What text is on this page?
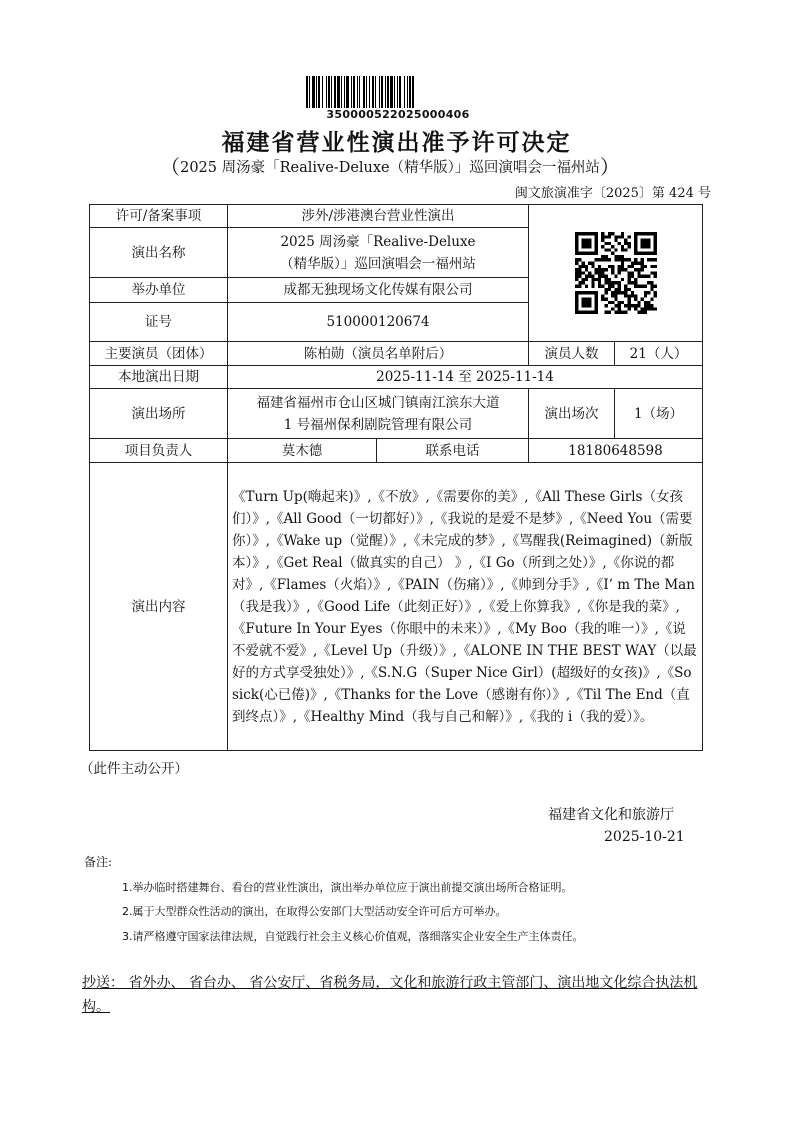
350000522025000406
福建省营业性演出准予许可决定
（2025 周汤豪「Realive-Deluxe（精华版）」巡回演唱会一福州站）
闽文旅演准字〔2025〕第 424 号
许可/备案事项	涉外/涉港澳台营业性演出	

演出名称	2025 周汤豪「Realive-Deluxe
（精华版）」巡回演唱会一福州站			

举办单位	成都无独现场文化传媒有限公司			
证号	510000120674			
主要演员（团体）	陈柏勋（演员名单附后）		演员人数	21（人）
本地演出日期	2025-11-14 至 2025-11-14			
演出场所	福建省福州市仓山区城门镇南江滨东大道
1 号福州保利剧院管理有限公司		演出场次	1（场）
项目负责人	莫木德	联系电话	18180648598	
演出内容	《Turn Up(嗨起来)》,《不放》,《需要你的美》,《All These Girls（女孩们）》,《All Good（一切都好）》,《我说的是爱不是梦》,《Need You（需要你）》,《Wake up（觉醒）》,《未完成的梦》,《骂醒我(Reimagined)（新版本）》,《Get Real（做真实的自己） 》,《I Go（所到之处）》,《你说的都对》,《Flames（火焰）》,《PAIN（伤痛）》,《帅到分手》,《I’ m The Man（我是我）》,《Good Life（此刻正好）》,《爱上你算我》,《你是我的菜》,《Future In Your Eyes（你眼中的未来）》,《My Boo（我的唯一）》,《说不爱就不爱》,《Level Up（升级）》,《ALONE IN THE BEST WAY（以最好的方式享受独处）》,《S.N.G（Super Nice Girl）(超级好的女孩)》,《So sick(心已倦)》,《Thanks for the Love（感谢有你）》,《Til The End（直到终点）》,《Healthy Mind（我与自己和解）》,《我的 i（我的爱）》。			
（此件主动公开）
福建省文化和旅游厅
2025-10-21
备注:
1.举办临时搭建舞台、看台的营业性演出，演出举办单位应于演出前提交演出场所合格证明。
2.属于大型群众性活动的演出，在取得公安部门大型活动安全许可后方可举办。
3.请严格遵守国家法律法规，自觉践行社会主义核心价值观，落细落实企业安全生产主体责任。
抄送： 省外办、 省台办、 省公安厅、省税务局，文化和旅游行政主管部门、演出地文化综合执法机构。
